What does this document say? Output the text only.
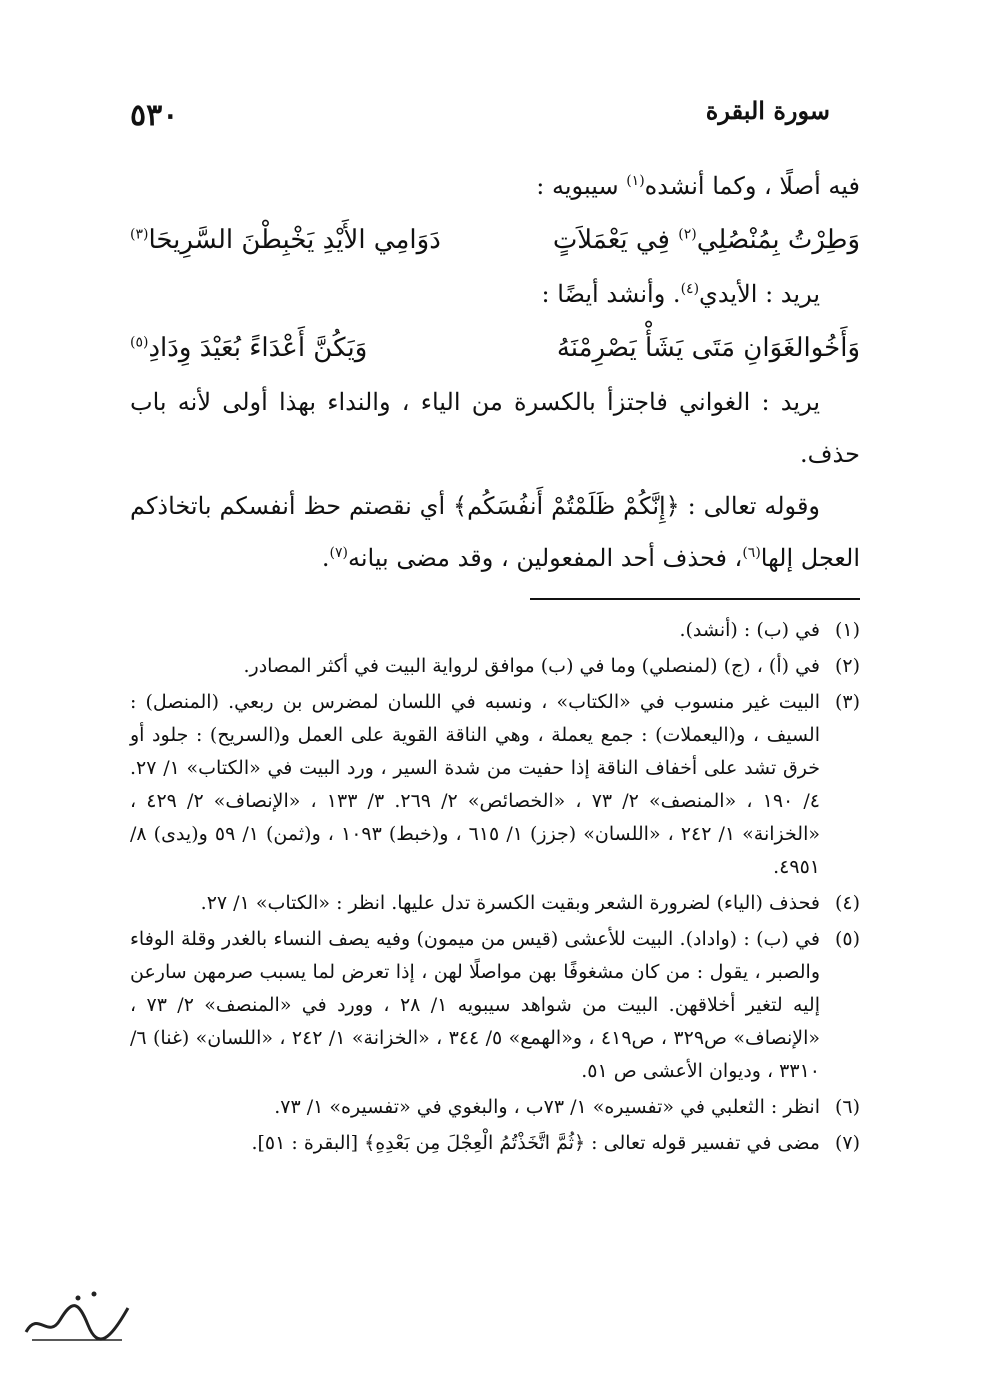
سورة البقرة
٥٣٠

فيه أصلًا ، وكما أنشده$^{(١)}$ سيبويه :

وَطِرْتُ بِمُنْصُلِي$^{(٢)}$ فِي يَعْمَلاَتٍ
دَوَامِي الأَيْدِ يَخْبِطْنَ السَّرِيحَا$^{(٣)}$

يريد : الأيدي$^{(٤)}$. وأنشد أيضًا :

وَأَخُوالغَوَانِ مَتَى يَشَأْ يَصْرِمْنَهُ
وَيَكُنَّ أَعْدَاءً بُعَيْدَ وِدَادِ$^{(٥)}$

يريد : الغواني فاجتزأ بالكسرة من الياء ، والنداء بهذا أولى لأنه باب حذف.

وقوله تعالى : ﴿إِنَّكُمْ ظَلَمْتُمْ أَنفُسَكُم﴾ أي نقصتم حظ أنفسكم باتخاذكم العجل إلها$^{(٦)}$، فحذف أحد المفعولين ، وقد مضى بيانه$^{(٧)}$.

(١)
في (ب) : (أنشد).
(٢)
في (أ) ، (ج) (لمنصلي) وما في (ب) موافق لرواية البيت في أكثر المصادر.
(٣)
البيت غير منسوب في «الكتاب» ، ونسبه في اللسان لمضرس بن ربعي. (المنصل) : السيف ، و(اليعملات) : جمع يعملة ، وهي الناقة القوية على العمل و(السريح) : جلود أو خرق تشد على أخفاف الناقة إذا حفيت من شدة السير ، ورد البيت في «الكتاب» ١/ ٢٧. ٤/ ١٩٠ ، «المنصف» ٢/ ٧٣ ، «الخصائص» ٢/ ٢٦٩. ٣/ ١٣٣ ، «الإنصاف» ٢/ ٤٢٩ ، «الخزانة» ١/ ٢٤٢ ، «اللسان» (جزز) ١/ ٦١٥ ، و(خبط) ١٠٩٣ ، و(ثمن) ١/ ٥٩ و(يدى) ٨/ ٤٩٥١.
(٤)
فحذف (الياء) لضرورة الشعر وبقيت الكسرة تدل عليها. انظر : «الكتاب» ١/ ٢٧.
(٥)
في (ب) : (واداد). البيت للأعشى (قيس من ميمون) وفيه يصف النساء بالغدر وقلة الوفاء والصبر ، يقول : من كان مشغوفًا بهن مواصلًا لهن ، إذا تعرض لما يسبب صرمهن سارعن إليه لتغير أخلاقهن. البيت من شواهد سيبويه ١/ ٢٨ ، وورد في «المنصف» ٢/ ٧٣ ، «الإنصاف» ص٣٢٩ ، ص٤١٩ ، و«الهمع» ٥/ ٣٤٤ ، «الخزانة» ١/ ٢٤٢ ، «اللسان» (غنا) ٦/ ٣٣١٠ ، وديوان الأعشى ص ٥١.
(٦)
انظر : الثعلبي في «تفسيره» ١/ ٧٣ب ، والبغوي في «تفسيره» ١/ ٧٣.
(٧)
مضى في تفسير قوله تعالى : ﴿ثُمَّ اتَّخَذْتُمُ الْعِجْلَ مِن بَعْدِهِ﴾ [البقرة : ٥١].
